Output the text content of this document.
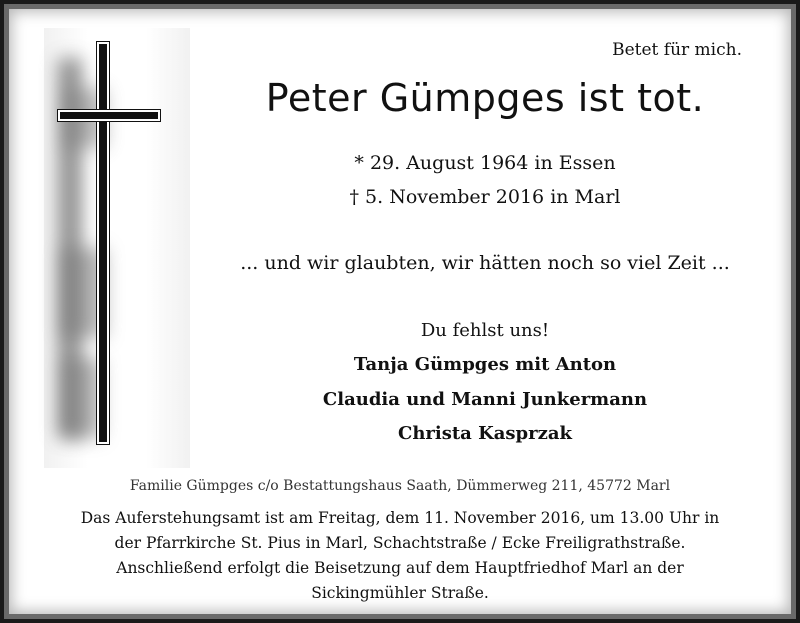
Betet für mich.
Peter Gümpges ist tot.
* 29. August 1964 in Essen
† 5. November 2016 in Marl
... und wir glaubten, wir hätten noch so viel Zeit ...
Du fehlst uns!
Tanja Gümpges mit Anton
Claudia und Manni Junkermann
Christa Kasprzak
Familie Gümpges c/o Bestattungshaus Saath, Dümmerweg 211, 45772 Marl
Das Auferstehungsamt ist am Freitag, dem 11. November 2016, um 13.00 Uhr in
der Pfarrkirche St. Pius in Marl, Schachtstraße / Ecke Freiligrathstraße.
Anschließend erfolgt die Beisetzung auf dem Hauptfriedhof Marl an der
Sickingmühler Straße.
